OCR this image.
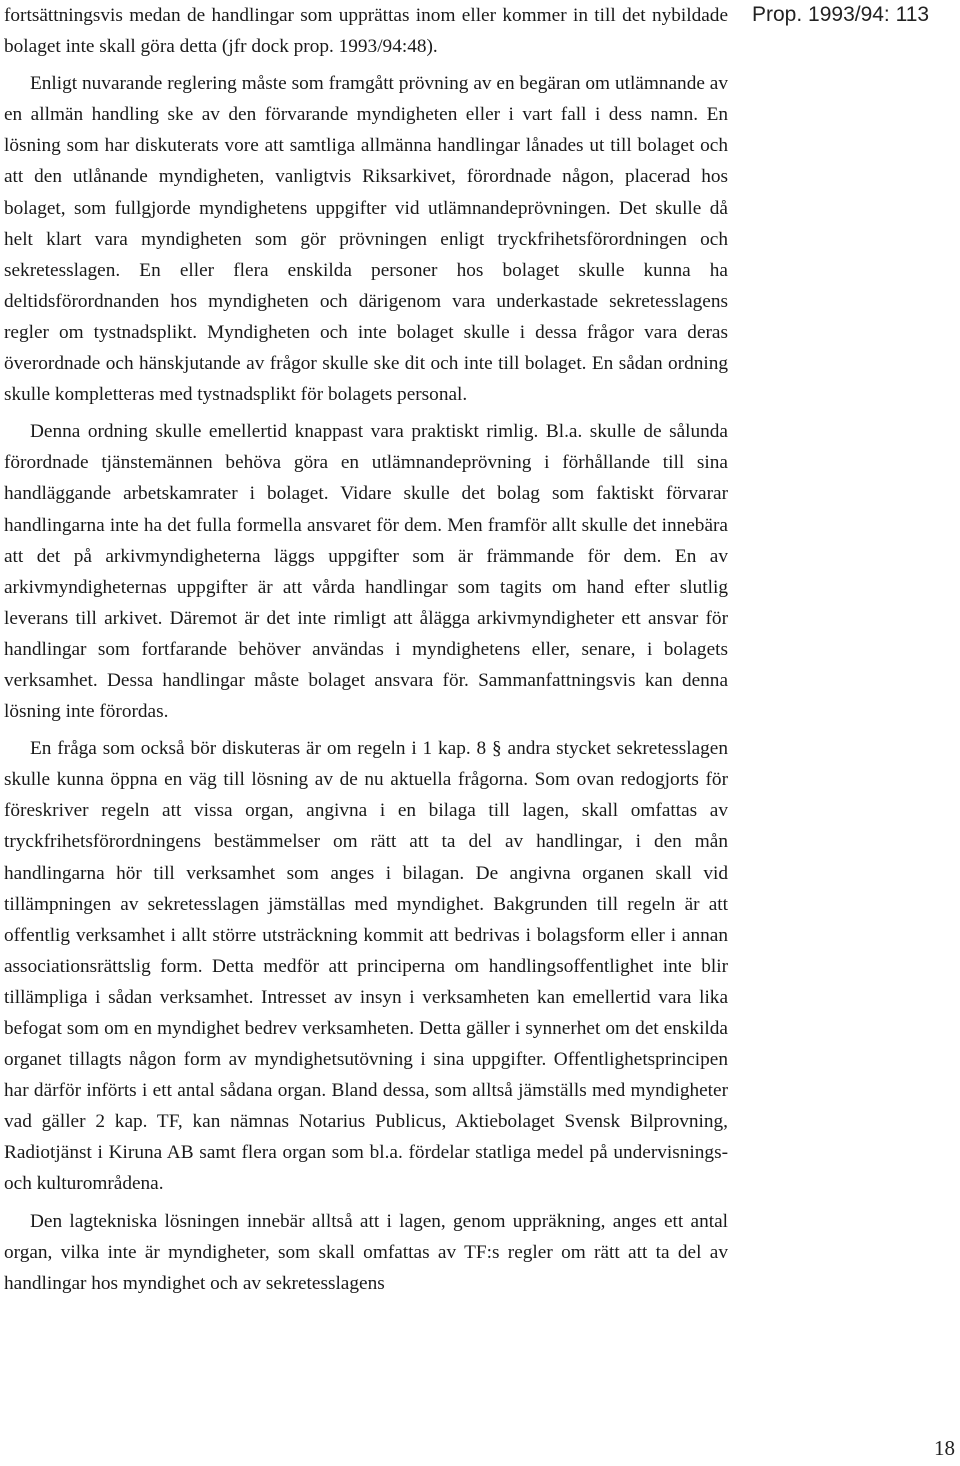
Prop. 1993/94: 113

fortsättningsvis medan de handlingar som upprättas inom eller kommer in till det nybildade bolaget inte skall göra detta (jfr dock prop. 1993/94:48).

Enligt nuvarande reglering måste som framgått prövning av en begäran om utlämnande av en allmän handling ske av den förvarande myndigheten eller i vart fall i dess namn. En lösning som har diskuterats vore att samtliga allmänna handlingar lånades ut till bolaget och att den utlånande myndigheten, vanligtvis Riksarkivet, förordnade någon, placerad hos bolaget, som fullgjorde myndighetens uppgifter vid utlämnandeprövningen. Det skulle då helt klart vara myndigheten som gör prövningen enligt tryckfrihetsförordningen och sekretesslagen. En eller flera enskilda personer hos bolaget skulle kunna ha deltidsförordnanden hos myndigheten och därigenom vara underkastade sekretesslagens regler om tystnadsplikt. Myndigheten och inte bolaget skulle i dessa frågor vara deras överordnade och hänskjutande av frågor skulle ske dit och inte till bolaget. En sådan ordning skulle kompletteras med tystnadsplikt för bolagets personal.

Denna ordning skulle emellertid knappast vara praktiskt rimlig. Bl.a. skulle de sålunda förordnade tjänstemännen behöva göra en utlämnandeprövning i förhållande till sina handläggande arbetskamrater i bolaget. Vidare skulle det bolag som faktiskt förvarar handlingarna inte ha det fulla formella ansvaret för dem. Men framför allt skulle det innebära att det på arkivmyndigheterna läggs uppgifter som är främmande för dem. En av arkivmyndigheternas uppgifter är att vårda handlingar som tagits om hand efter slutlig leverans till arkivet. Däremot är det inte rimligt att ålägga arkivmyndigheter ett ansvar för handlingar som fortfarande behöver användas i myndighetens eller, senare, i bolagets verksamhet. Dessa handlingar måste bolaget ansvara för. Sammanfattningsvis kan denna lösning inte förordas.

En fråga som också bör diskuteras är om regeln i 1 kap. 8 § andra stycket sekretesslagen skulle kunna öppna en väg till lösning av de nu aktuella frågorna. Som ovan redogjorts för föreskriver regeln att vissa organ, angivna i en bilaga till lagen, skall omfattas av tryckfrihetsförordningens bestämmelser om rätt att ta del av handlingar, i den mån handlingarna hör till verksamhet som anges i bilagan. De angivna organen skall vid tillämpningen av sekretesslagen jämställas med myndighet. Bakgrunden till regeln är att offentlig verksamhet i allt större utsträckning kommit att bedrivas i bolagsform eller i annan associationsrättslig form. Detta medför att principerna om handlingsoffentlighet inte blir tillämpliga i sådan verksamhet. Intresset av insyn i verksamheten kan emellertid vara lika befogat som om en myndighet bedrev verksamheten. Detta gäller i synnerhet om det enskilda organet tillagts någon form av myndighetsutövning i sina uppgifter. Offentlighetsprincipen har därför införts i ett antal sådana organ. Bland dessa, som alltså jämställs med myndigheter vad gäller 2 kap. TF, kan nämnas Notarius Publicus, Aktiebolaget Svensk Bilprovning, Radiotjänst i Kiruna AB samt flera organ som bl.a. fördelar statliga medel på undervisnings- och kulturområdena.

Den lagtekniska lösningen innebär alltså att i lagen, genom uppräkning, anges ett antal organ, vilka inte är myndigheter, som skall omfattas av TF:s regler om rätt att ta del av handlingar hos myndighet och av sekretesslagens

18
